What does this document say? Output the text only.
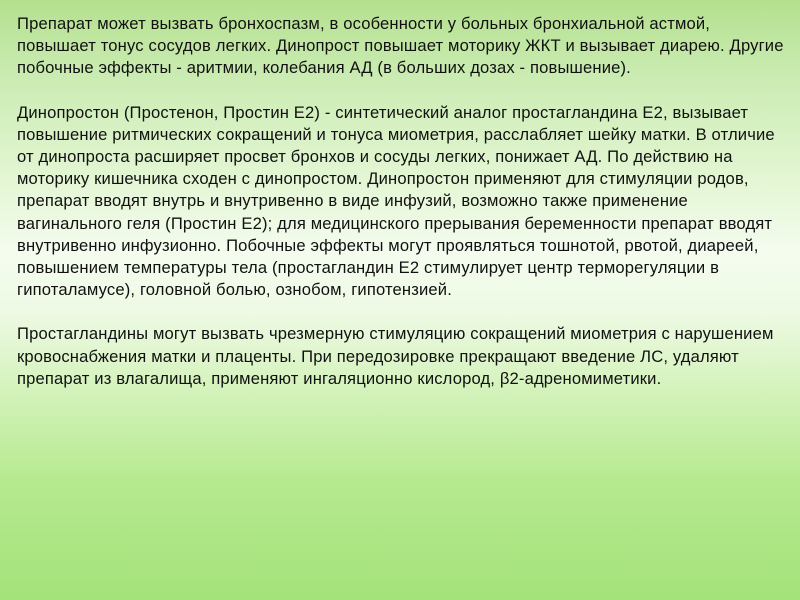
Препарат может вызвать бронхоспазм, в особенности у больных бронхиальной астмой, повышает тонус сосудов легких. Динопрост повышает моторику ЖКТ и вызывает диарею. Другие побочные эффекты - аритмии, колебания АД (в больших дозах - повышение).

Динопростон (Простенон, Простин Е2) - синтетический аналог простагландина Е2, вызывает повышение ритмических сокращений и тонуса миометрия, расслабляет шейку матки. В отличие от динопроста расширяет просвет бронхов и сосуды легких, понижает АД. По действию на моторику кишечника сходен с динопростом. Динопростон применяют для стимуляции родов, препарат вводят внутрь и внутривенно в виде инфузий, возможно также применение вагинального геля (Простин Е2); для медицинского прерывания беременности препарат вводят внутривенно инфузионно. Побочные эффекты могут проявляться тошнотой, рвотой, диареей, повышением температуры тела (простагландин Е2 стимулирует центр терморегуляции в гипоталамусе), головной болью, ознобом, гипотензией.

Простагландины могут вызвать чрезмерную стимуляцию сокращений миометрия с нарушением кровоснабжения матки и плаценты. При передозировке прекращают введение ЛС, удаляют препарат из влагалища, применяют ингаляционно кислород, β2-адреномиметики.
